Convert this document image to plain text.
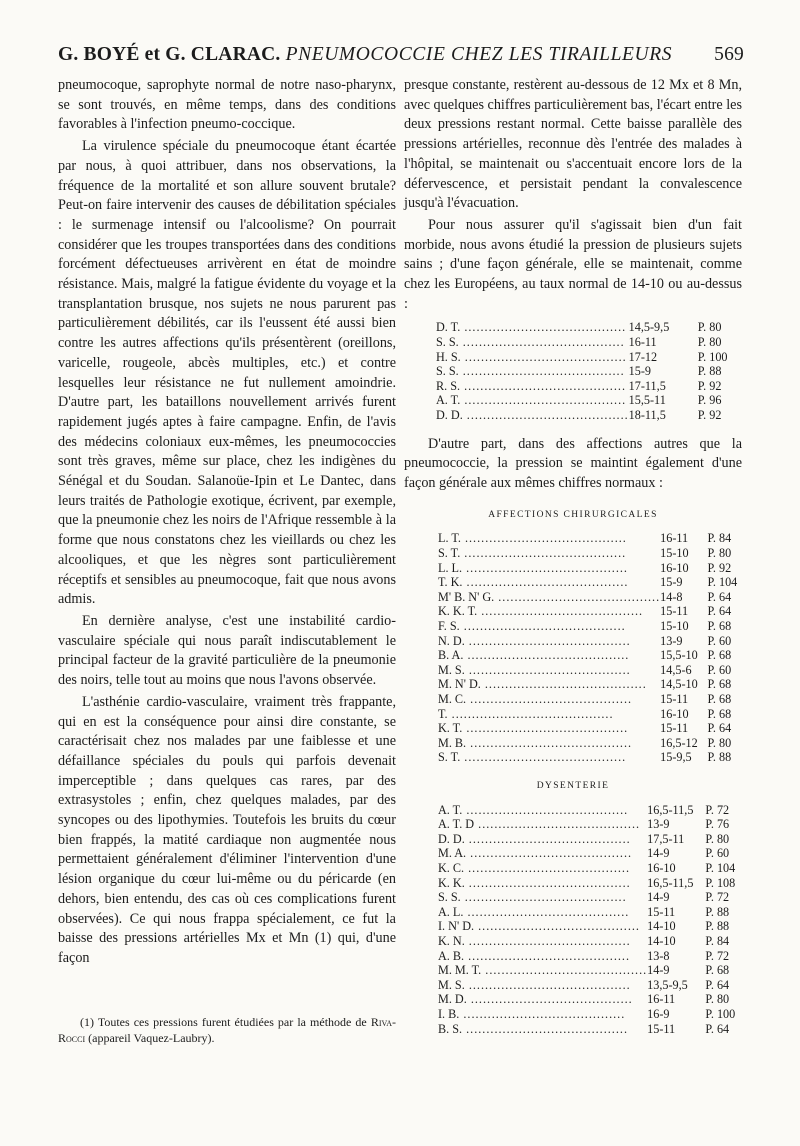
G. BOYÉ et G. CLARAC. PNEUMOCOCCIE CHEZ LES TIRAILLEURS 569

pneumocoque, saprophyte normal de notre naso-pharynx, se sont trouvés, en même temps, dans des conditions favorables à l'infection pneumo-coccique.

La virulence spéciale du pneumocoque étant écartée par nous, à quoi attribuer, dans nos observations, la fréquence de la mortalité et son allure souvent brutale? Peut-on faire intervenir des causes de débilitation spéciales : le surmenage intensif ou l'alcoolisme? On pourrait considérer que les troupes transportées dans des conditions forcément défectueuses arrivèrent en état de moindre résistance. Mais, malgré la fatigue évidente du voyage et la transplantation brusque, nos sujets ne nous parurent pas particulièrement débilités, car ils l'eussent été aussi bien contre les autres affections qu'ils présentèrent (oreillons, varicelle, rougeole, abcès multiples, etc.) et contre lesquelles leur résistance ne fut nullement amoindrie. D'autre part, les bataillons nouvellement arrivés furent rapidement jugés aptes à faire campagne. Enfin, de l'avis des médecins coloniaux eux-mêmes, les pneumococcies sont très graves, même sur place, chez les indigènes du Sénégal et du Soudan. Salanoüe-Ipin et Le Dantec, dans leurs traités de Pathologie exotique, écrivent, par exemple, que la pneumonie chez les noirs de l'Afrique ressemble à la forme que nous constatons chez les vieillards ou chez les alcooliques, et que les nègres sont particulièrement réceptifs et sensibles au pneumocoque, fait que nous avons admis.

En dernière analyse, c'est une instabilité cardio-vasculaire spéciale qui nous paraît indiscutablement le principal facteur de la gravité particulière de la pneumonie des noirs, telle tout au moins que nous l'avons observée.

L'asthénie cardio-vasculaire, vraiment très frappante, qui en est la conséquence pour ainsi dire constante, se caractérisait chez nos malades par une faiblesse et une défaillance spéciales du pouls qui parfois devenait imperceptible ; dans quelques cas rares, par des extrasystoles ; enfin, chez quelques malades, par des syncopes ou des lipothymies. Toutefois les bruits du cœur bien frappés, la matité cardiaque non augmentée nous permettaient généralement d'éliminer l'intervention d'une lésion organique du cœur lui-même ou du péricarde (en dehors, bien entendu, des cas où ces complications furent observées). Ce qui nous frappa spécialement, ce fut la baisse des pressions artérielles Mx et Mn (1) qui, d'une façon

(1) Toutes ces pressions furent étudiées par la méthode de Riva-Rocci (appareil Vaquez-Laubry).

presque constante, restèrent au-dessous de 12 Mx et 8 Mn, avec quelques chiffres particulièrement bas, l'écart entre les deux pressions restant normal. Cette baisse parallèle des pressions artérielles, reconnue dès l'entrée des malades à l'hôpital, se maintenait ou s'accentuait encore lors de la défervescence, et persistait pendant la convalescence jusqu'à l'évacuation.

Pour nous assurer qu'il s'agissait bien d'un fait morbide, nous avons étudié la pression de plusieurs sujets sains ; d'une façon générale, elle se maintenait, comme chez les Européens, au taux normal de 14-10 ou au-dessus :

D. T. ........................................	14,5-9,5	P. 80
S. S. ........................................	16-11	P. 80
H. S. ........................................	17-12	P. 100
S. S. ........................................	15-9	P. 88
R. S. ........................................	17-11,5	P. 92
A. T. ........................................	15,5-11	P. 96
D. D. ........................................	18-11,5	P. 92

D'autre part, dans des affections autres que la pneumococcie, la pression se maintint également d'une façon générale aux mêmes chiffres normaux :

AFFECTIONS CHIRURGICALES
L. T. ........................................	16-11	P. 84
S. T. ........................................	15-10	P. 80
L. L. ........................................	16-10	P. 92
T. K. ........................................	15-9	P. 104
M' B. N' G. ........................................	14-8	P. 64
K. K. T. ........................................	15-11	P. 64
F. S. ........................................	15-10	P. 68
N. D. ........................................	13-9	P. 60
B. A. ........................................	15,5-10	P. 68
M. S. ........................................	14,5-6	P. 60
M. N' D. ........................................	14,5-10	P. 68
M. C. ........................................	15-11	P. 68
T. ........................................	16-10	P. 68
K. T. ........................................	15-11	P. 64
M. B. ........................................	16,5-12	P. 80
S. T. ........................................	15-9,5	P. 88
DYSENTERIE
A. T. ........................................	16,5-11,5	P. 72
A. T. D ........................................	13-9	P. 76
D. D. ........................................	17,5-11	P. 80
M. A. ........................................	14-9	P. 60
K. C. ........................................	16-10	P. 104
K. K. ........................................	16,5-11,5	P. 108
S. S. ........................................	14-9	P. 72
A. L. ........................................	15-11	P. 88
I. N' D. ........................................	14-10	P. 88
K. N. ........................................	14-10	P. 84
A. B. ........................................	13-8	P. 72
M. M. T. ........................................	14-9	P. 68
M. S. ........................................	13,5-9,5	P. 64
M. D. ........................................	16-11	P. 80
I. B. ........................................	16-9	P. 100
B. S. ........................................	15-11	P. 64
